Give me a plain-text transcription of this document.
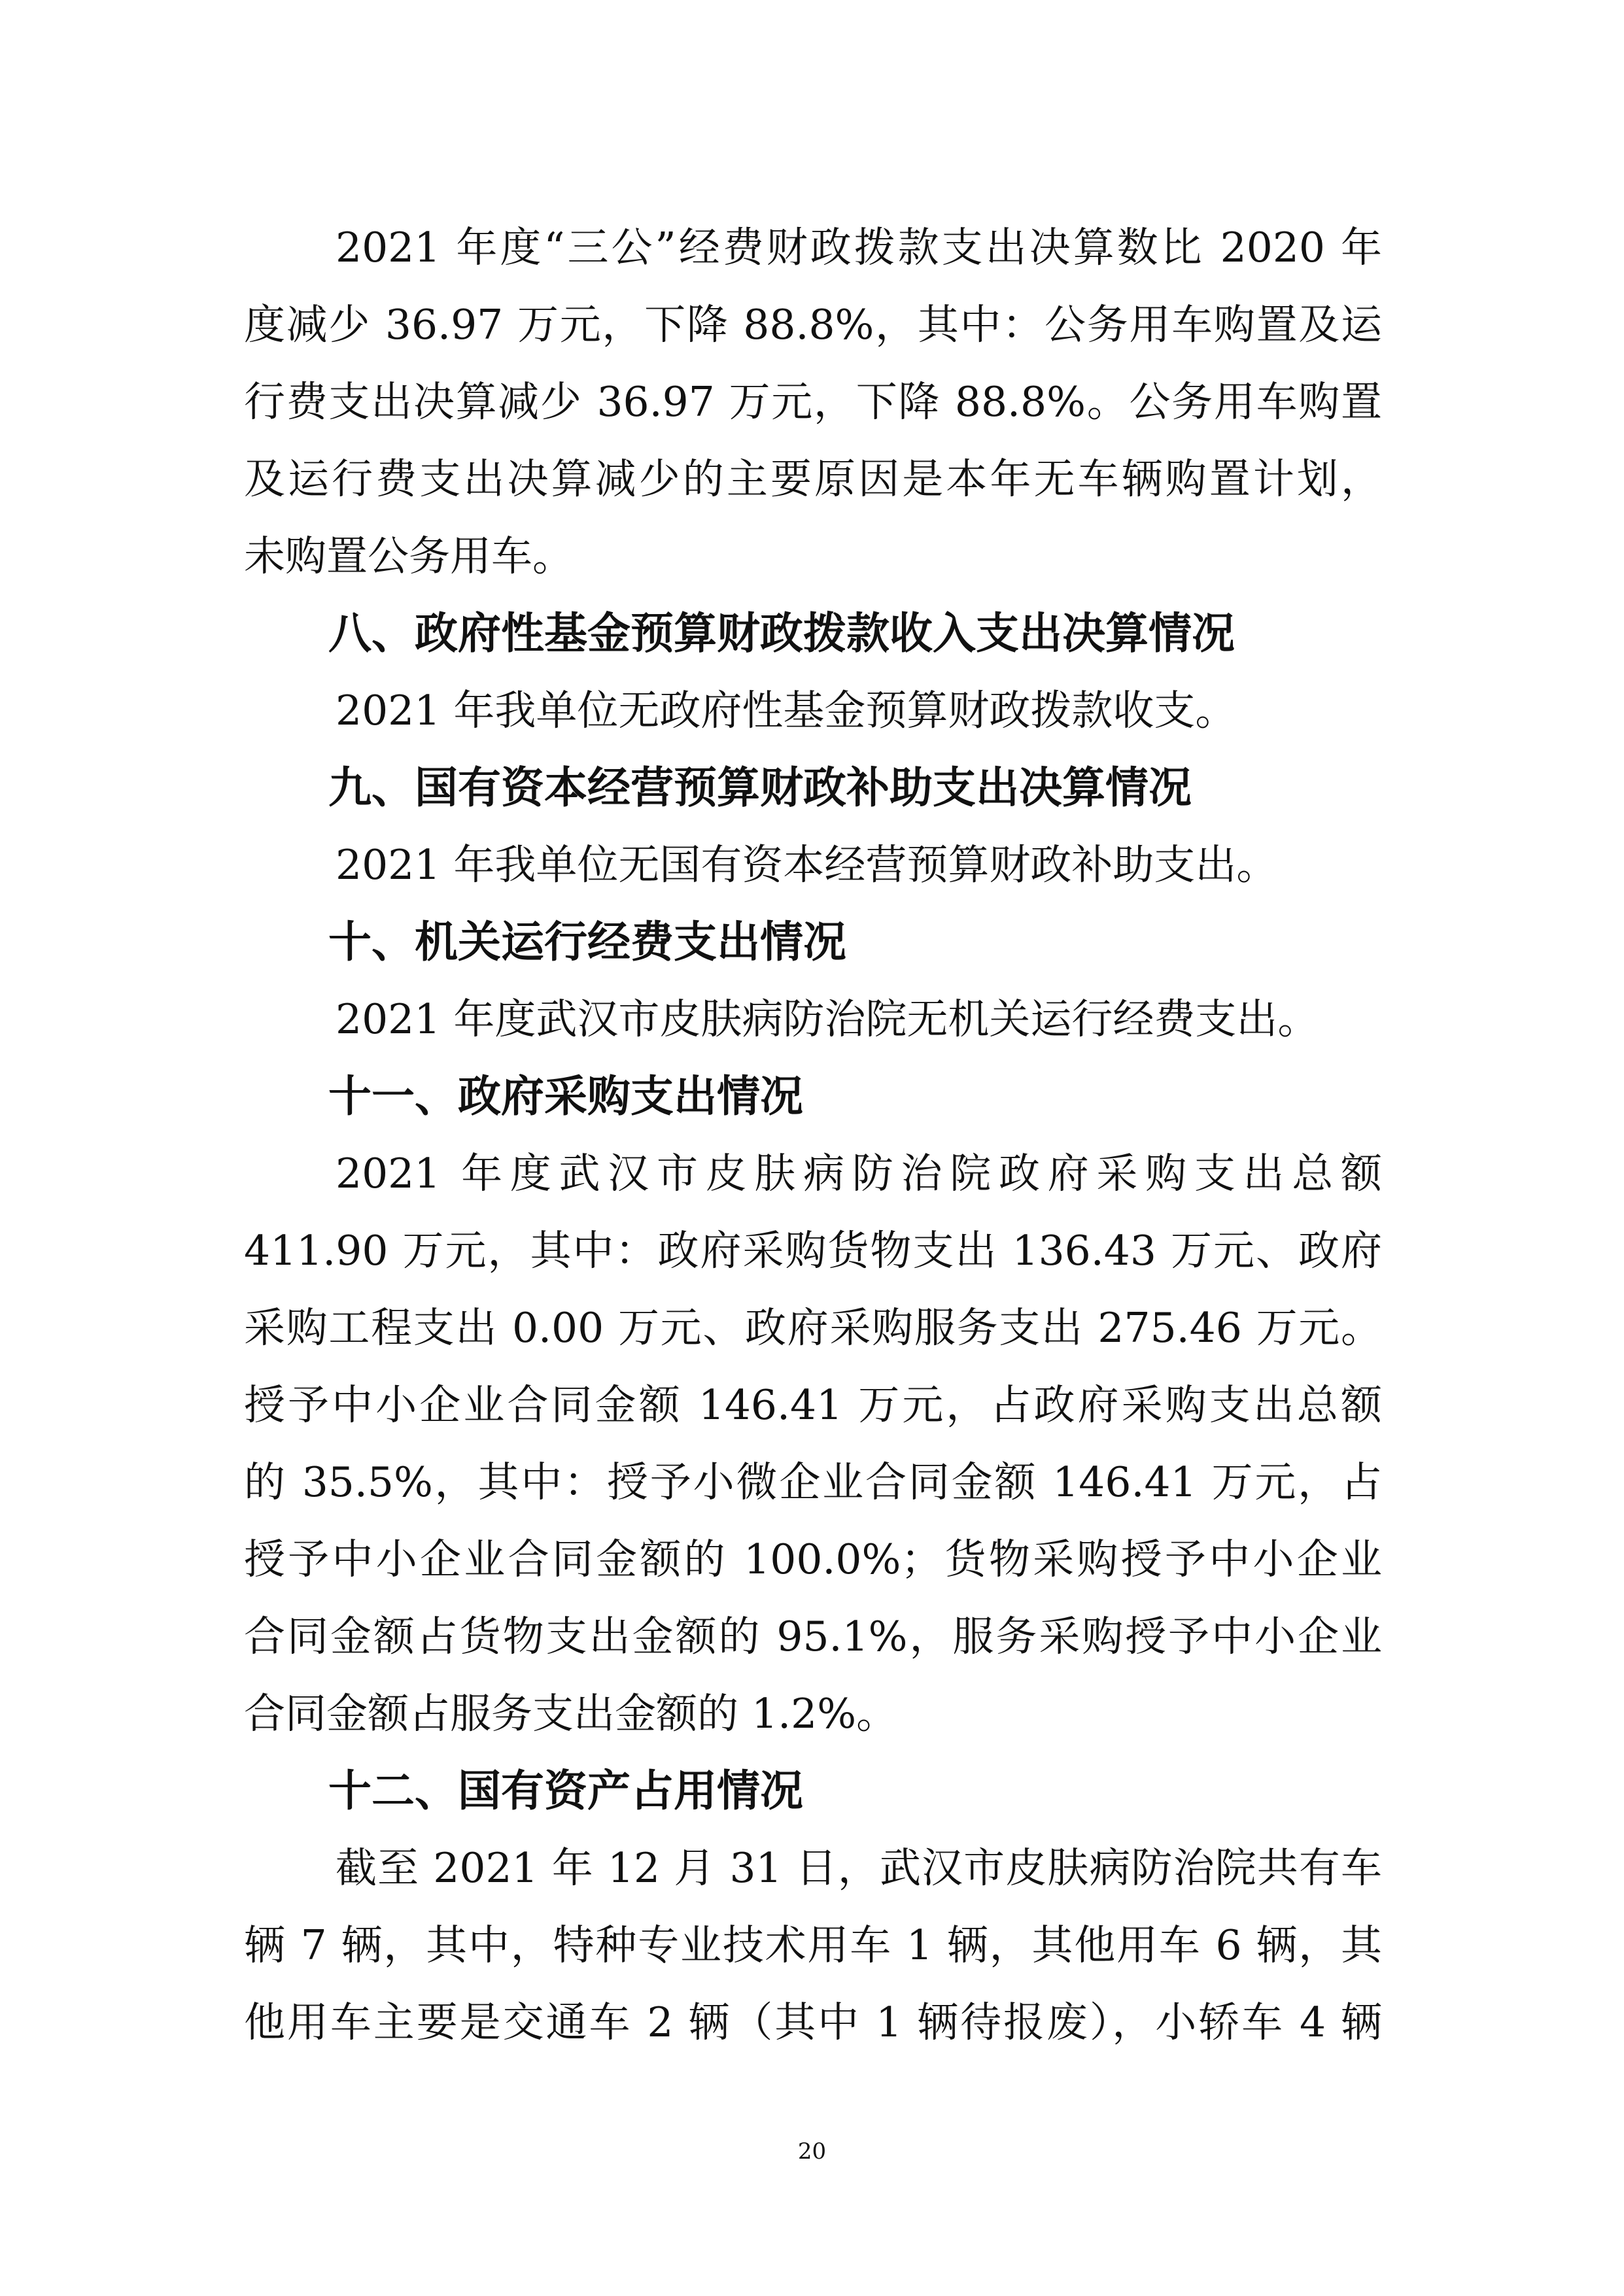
2021 年度“三公”经费财政拨款支出决算数比 2020 年
度减少 36.97 万元，下降 88.8%，其中：公务用车购置及运
行费支出决算减少 36.97 万元，下降 88.8%。公务用车购置
及运行费支出决算减少的主要原因是本年无车辆购置计划，
未购置公务用车。
八、政府性基金预算财政拨款收入支出决算情况
2021 年我单位无政府性基金预算财政拨款收支。
九、国有资本经营预算财政补助支出决算情况
2021 年我单位无国有资本经营预算财政补助支出。
十、机关运行经费支出情况
2021 年度武汉市皮肤病防治院无机关运行经费支出。
十一、政府采购支出情况
2021 年度武汉市皮肤病防治院政府采购支出总额
411.90 万元，其中：政府采购货物支出 136.43 万元、政府
采购工程支出 0.00 万元、政府采购服务支出 275.46 万元。
授予中小企业合同金额 146.41 万元，占政府采购支出总额
的 35.5%，其中：授予小微企业合同金额 146.41 万元，占
授予中小企业合同金额的 100.0%；货物采购授予中小企业
合同金额占货物支出金额的 95.1%，服务采购授予中小企业
合同金额占服务支出金额的 1.2%。
十二、国有资产占用情况
截至 2021 年 12 月 31 日，武汉市皮肤病防治院共有车
辆 7 辆，其中，特种专业技术用车 1 辆，其他用车 6 辆，其
他用车主要是交通车 2 辆（其中 1 辆待报废），小轿车 4 辆
20
